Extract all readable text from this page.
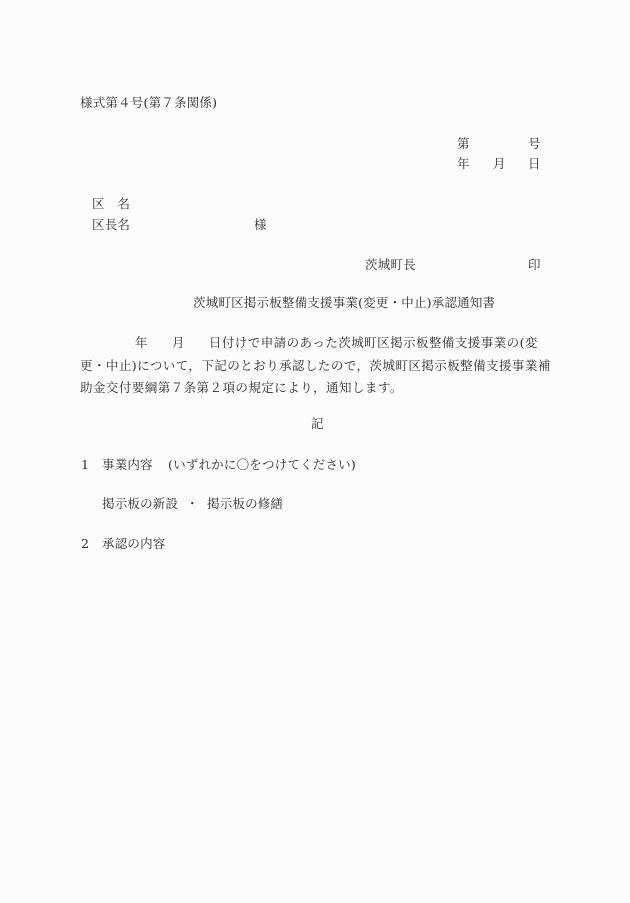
様式第４号(第７条関係)
第	号
年 月 日
区　名
区長名	様
茨城町長	印
茨城町区掲示板整備支援事業(変更・中止)承認通知書
年 月 日付けで申請のあった茨城町区掲示板整備支援事業の(変更・中止)について，下記のとおり承認したので，茨城町区掲示板整備支援事業補助金交付要綱第７条第２項の規定により，通知します。
記
1 事業内容 (いずれかに〇をつけてください)
掲示板の新設 ・ 掲示板の修繕
2 承認の内容
